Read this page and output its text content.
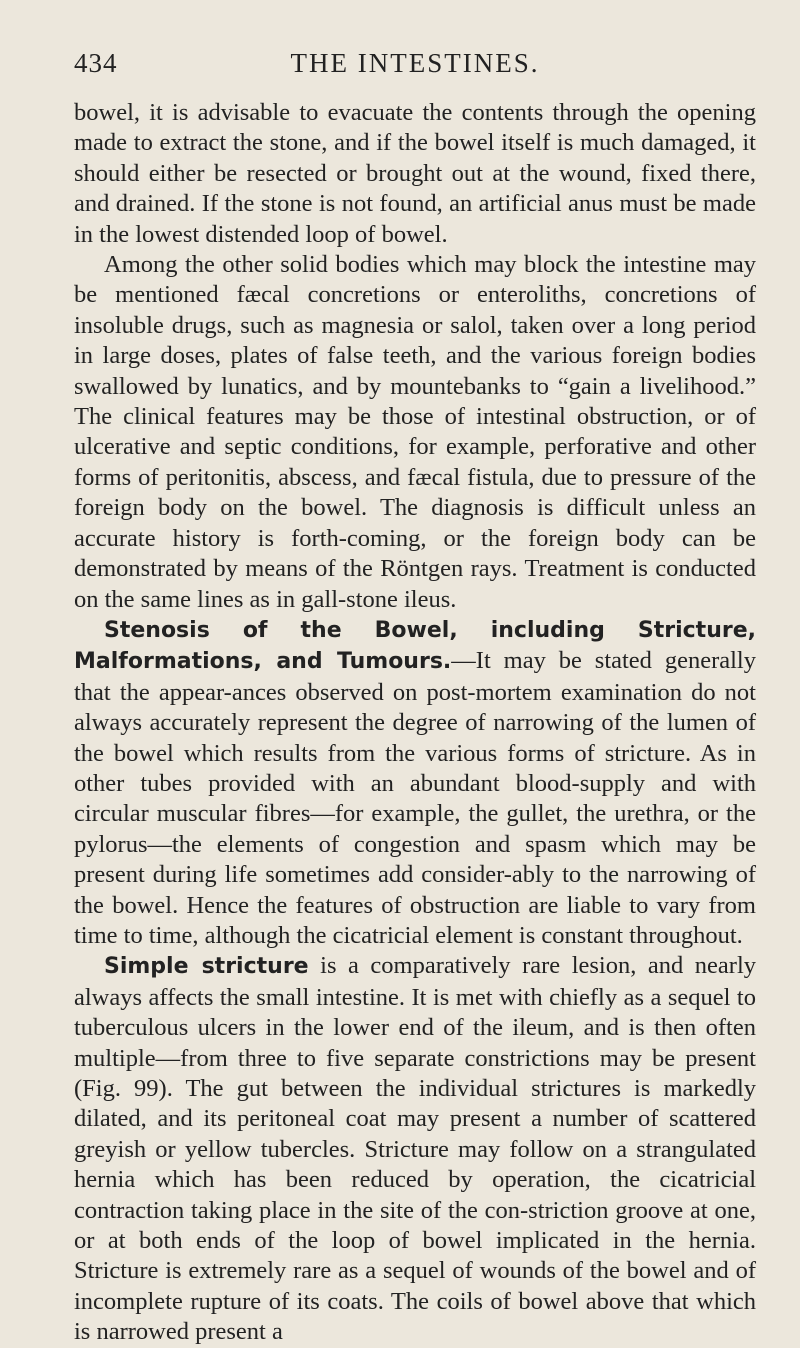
434	THE INTESTINES.

bowel, it is advisable to evacuate the contents through the opening made to extract the stone, and if the bowel itself is much damaged, it should either be resected or brought out at the wound, fixed there, and drained. If the stone is not found, an artificial anus must be made in the lowest distended loop of bowel.

Among the other solid bodies which may block the intestine may be mentioned fæcal concretions or enteroliths, concretions of insoluble drugs, such as magnesia or salol, taken over a long period in large doses, plates of false teeth, and the various foreign bodies swallowed by lunatics, and by mountebanks to “gain a livelihood.” The clinical features may be those of intestinal obstruction, or of ulcerative and septic conditions, for example, perforative and other forms of peritonitis, abscess, and fæcal fistula, due to pressure of the foreign body on the bowel. The diagnosis is difficult unless an accurate history is forth-coming, or the foreign body can be demonstrated by means of the Röntgen rays. Treatment is conducted on the same lines as in gall-stone ileus.

Stenosis of the Bowel, including Stricture, Malformations, and Tumours.—It may be stated generally that the appear-ances observed on post-mortem examination do not always accurately represent the degree of narrowing of the lumen of the bowel which results from the various forms of stricture. As in other tubes provided with an abundant blood-supply and with circular muscular fibres—for example, the gullet, the urethra, or the pylorus—the elements of congestion and spasm which may be present during life sometimes add consider-ably to the narrowing of the bowel. Hence the features of obstruction are liable to vary from time to time, although the cicatricial element is constant throughout.

Simple stricture is a comparatively rare lesion, and nearly always affects the small intestine. It is met with chiefly as a sequel to tuberculous ulcers in the lower end of the ileum, and is then often multiple—from three to five separate constrictions may be present (Fig. 99). The gut between the individual strictures is markedly dilated, and its peritoneal coat may present a number of scattered greyish or yellow tubercles. Stricture may follow on a strangulated hernia which has been reduced by operation, the cicatricial contraction taking place in the site of the con-striction groove at one, or at both ends of the loop of bowel implicated in the hernia. Stricture is extremely rare as a sequel of wounds of the bowel and of incomplete rupture of its coats. The coils of bowel above that which is narrowed present a
